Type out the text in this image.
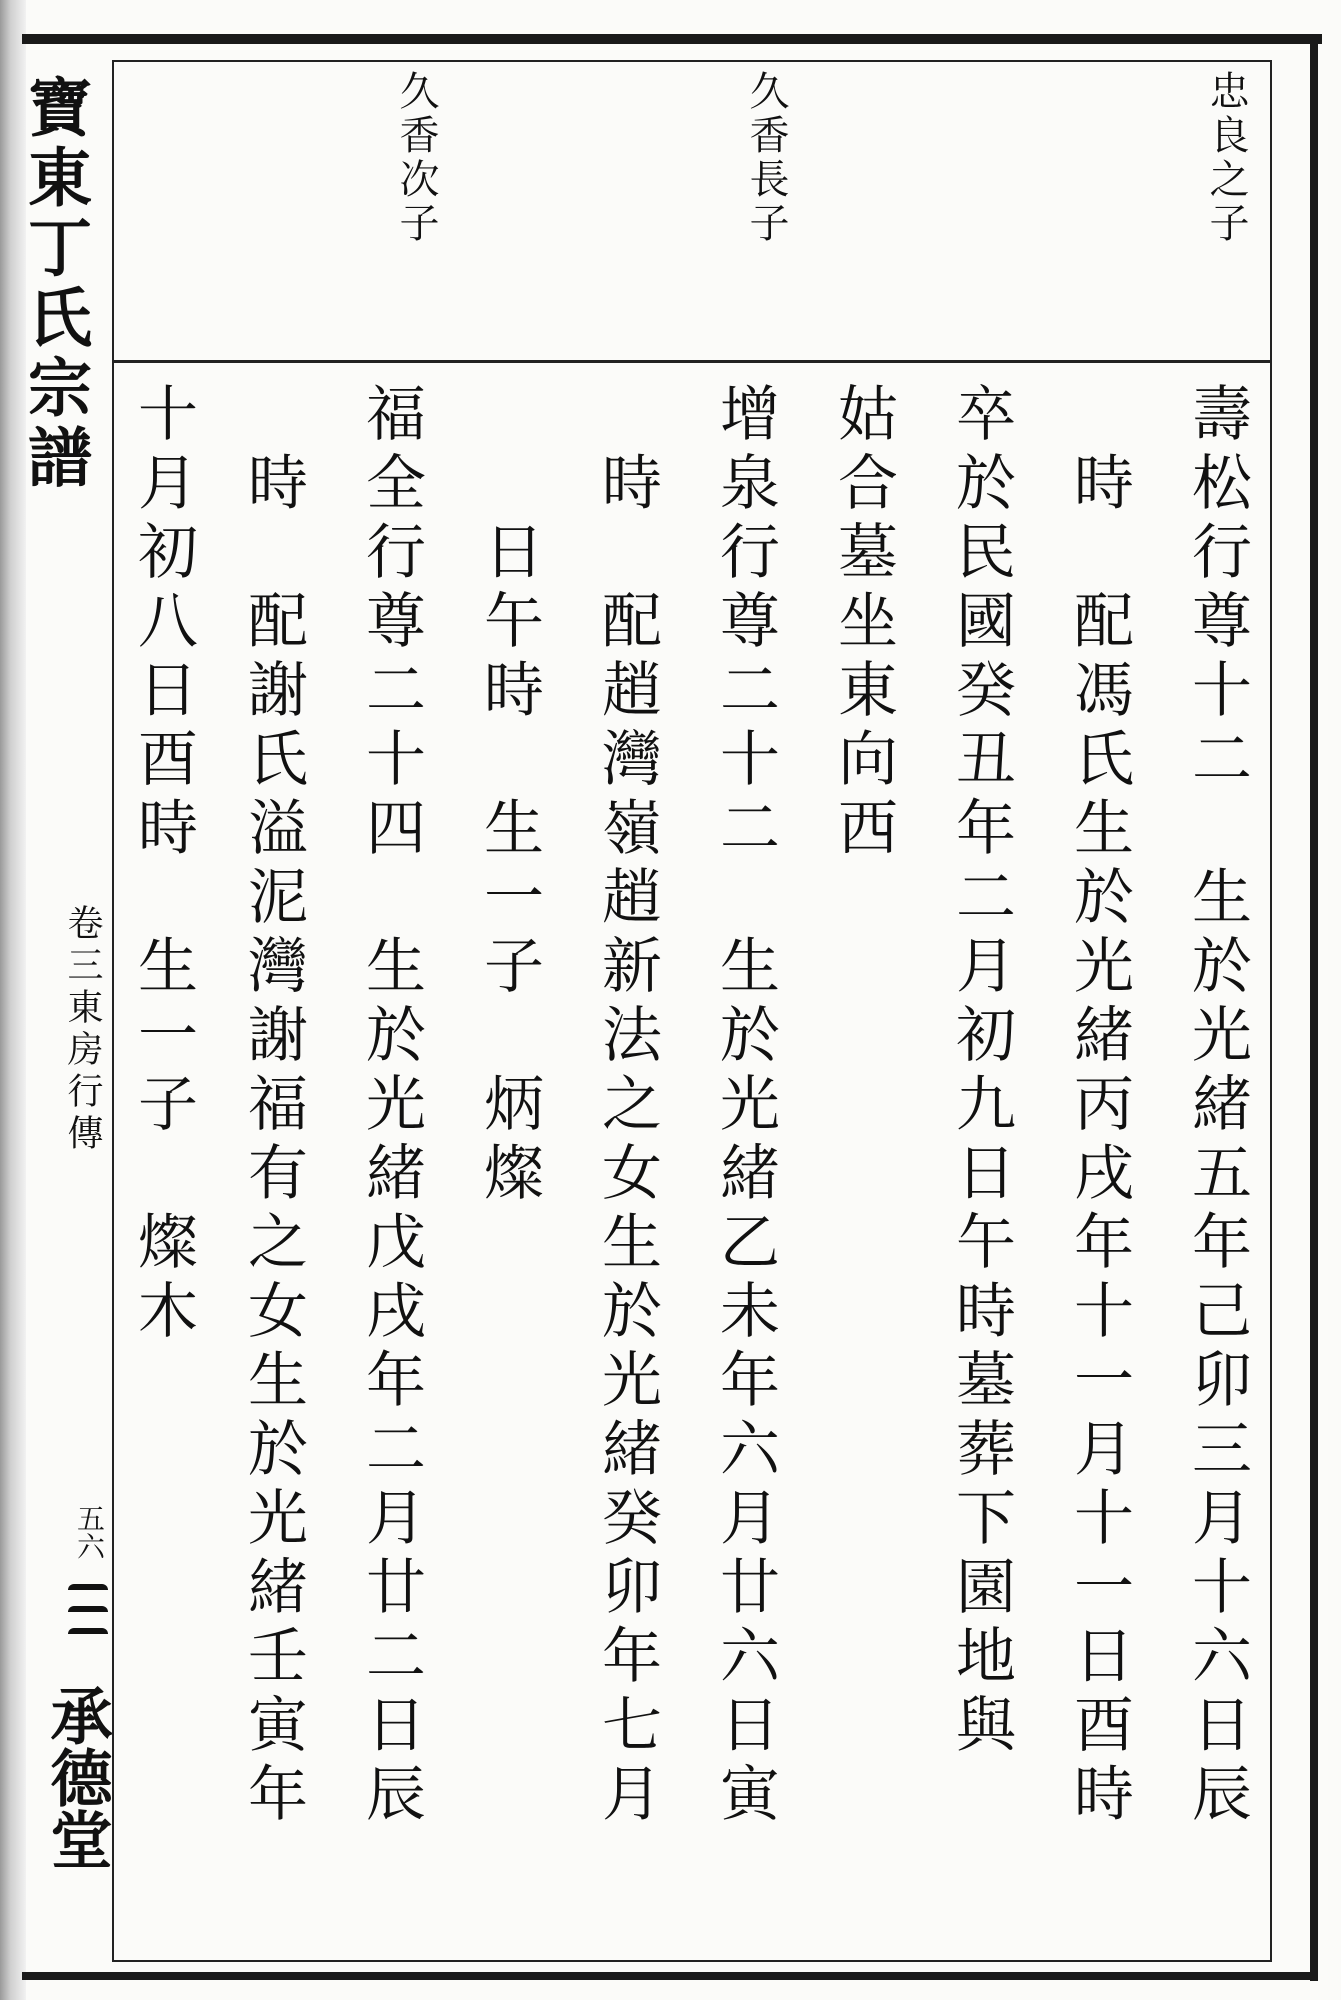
寶東丁氏宗譜
卷三東房行傳
五六
承德堂
忠良之子
久香長子
久香次子
壽松行尊十二　生於光緒五年己卯三月十六日辰
　時　配馮氏生於光緒丙戌年十一月十一日酉時
卒於民國癸丑年二月初九日午時墓葬下園地與
姑合墓坐東向西
增泉行尊二十二　生於光緒乙未年六月廿六日寅
　時　配趙灣嶺趙新法之女生於光緒癸卯年七月
　　日午時　生一子　炳燦
福全行尊二十四　生於光緒戊戌年二月廿二日辰
　時　配謝氏溢泥灣謝福有之女生於光緒壬寅年
十月初八日酉時　生一子　燦木
